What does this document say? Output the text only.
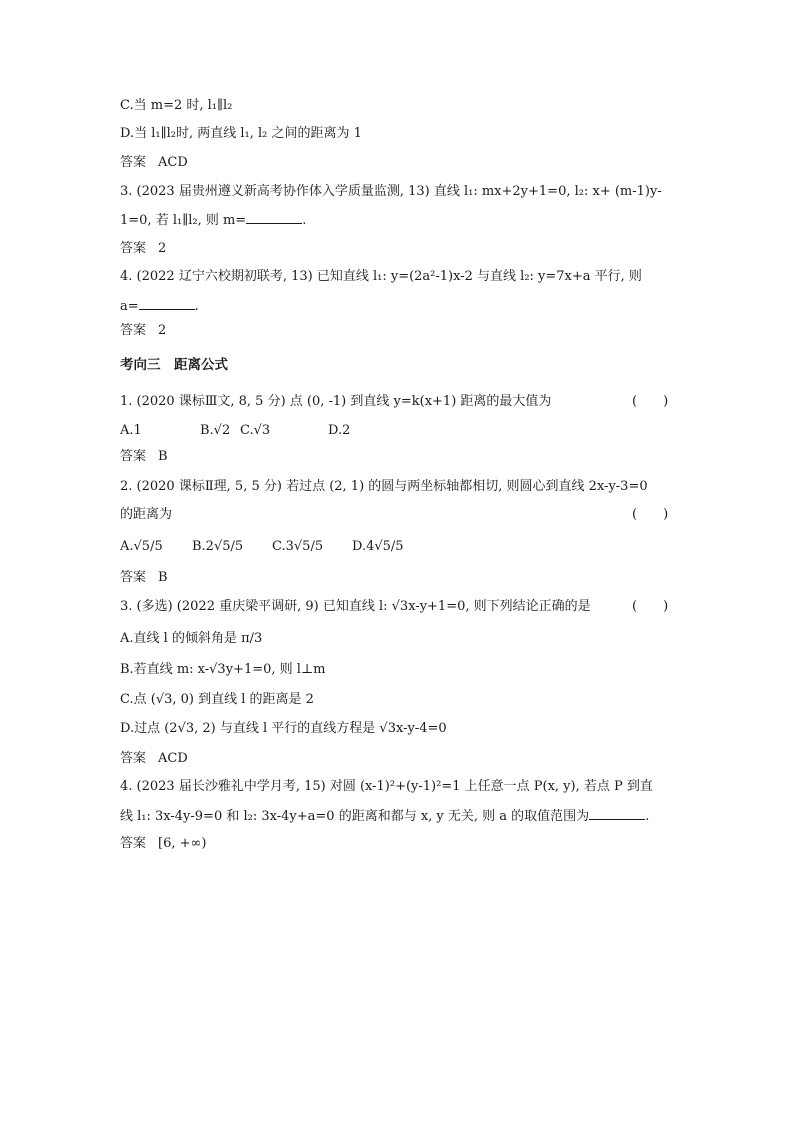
C.当 m=2 时, l₁∥l₂
D.当 l₁∥l₂时, 两直线 l₁, l₂ 之间的距离为 1
答案 ACD
3. (2023 届贵州遵义新高考协作体入学质量监测, 13) 直线 l₁: mx+2y+1=0, l₂: x+ (m-1)y-
1=0, 若 l₁∥l₂, 则 m=	.
答案 2
4. (2022 辽宁六校期初联考, 13) 已知直线 l₁: y=(2a²-1)x-2 与直线 l₂: y=7x+a 平行, 则
a=	.
答案 2
考向三　距离公式
1. (2020 课标Ⅲ文, 8, 5 分) 点 (0, -1) 到直线 y=k(x+1) 距离的最大值为	(　　)
A.1	B.√2 C.√3	D.2
答案 B
2. (2020 课标Ⅱ理, 5, 5 分) 若过点 (2, 1) 的圆与两坐标轴都相切, 则圆心到直线 2x-y-3=0
的距离为	(　　)
A.√5/5 B.2√5/5 C.3√5/5 D.4√5/5
答案 B
3. (多选) (2022 重庆梁平调研, 9) 已知直线 l: √3x-y+1=0, 则下列结论正确的是	(　　)
A.直线 l 的倾斜角是 π/3
B.若直线 m: x-√3y+1=0, 则 l⊥m
C.点 (√3, 0) 到直线 l 的距离是 2
D.过点 (2√3, 2) 与直线 l 平行的直线方程是 √3x-y-4=0
答案 ACD
4. (2023 届长沙雅礼中学月考, 15) 对圆 (x-1)²+(y-1)²=1 上任意一点 P(x, y), 若点 P 到直
线 l₁: 3x-4y-9=0 和 l₂: 3x-4y+a=0 的距离和都与 x, y 无关, 则 a 的取值范围为	.
答案 [6, +∞)
